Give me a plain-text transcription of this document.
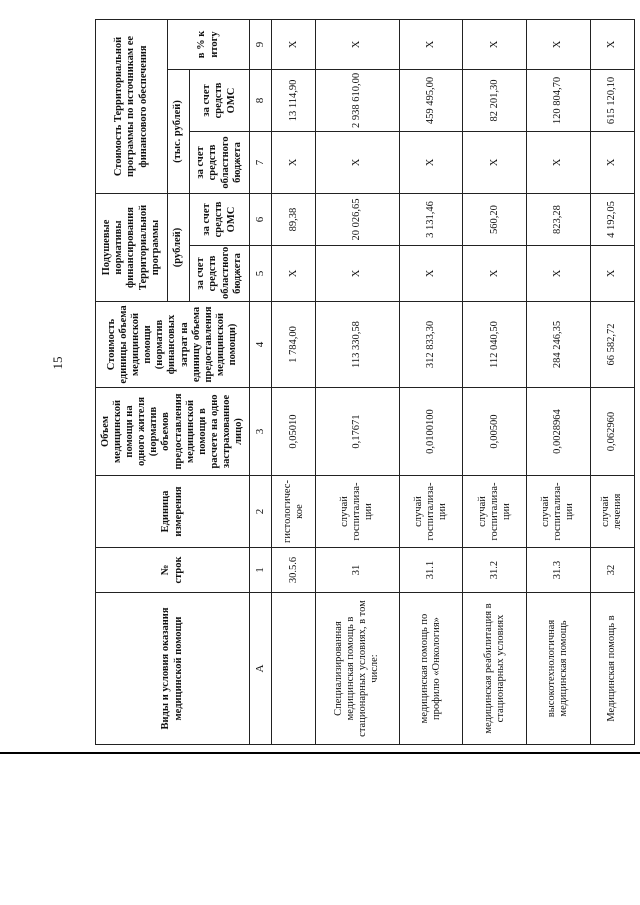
15
Виды и условия оказания медицинской помощи	№ строк	Единица измерения	Объем медицинской помощи на одного жителя (норматив объемов предоставления медицинской помощи в расчете на одно застрахованное лицо)	Стоимость единицы объема медицинской помощи (норматив финансовых затрат на единицу объема предоставления медицинской помощи)	Подушевые нормативы финансирования Территориальной программы		Стоимость Территориальной программы по источникам ее финансового обеспечения		
					(рублей)		(тыс. рублей)		в % к итогу
					за счет средств областного бюджета	за счет средств ОМС	за счет средств областного бюджета	за счет средств ОМС	
А	1	2	3	4	5	6	7	8	9
	30.5.6	гистологичес-кое	0,05010	1 784,00	X	89,38	X	13 114,90	X
Специализированная медицинская помощь в стационарных условиях, в том числе:	31	случай госпитализа-ции	0,17671	113 330,58	X	20 026,65	X	2 938 610,00	X
медицинская помощь по профилю «Онкология»	31.1	случай госпитализа-ции	0,0100100	312 833,30	X	3 131,46	X	459 495,00	X
медицинская реабилитация в стационарных условиях	31.2	случай госпитализа-ции	0,00500	112 040,50	X	560,20	X	82 201,30	X
высокотехнологичная медицинская помощь	31.3	случай госпитализа-ции	0,0028964	284 246,35	X	823,28	X	120 804,70	X
Медицинская помощь в	32	случай лечения	0,062960	66 582,72	X	4 192,05	X	615 120,10	X
